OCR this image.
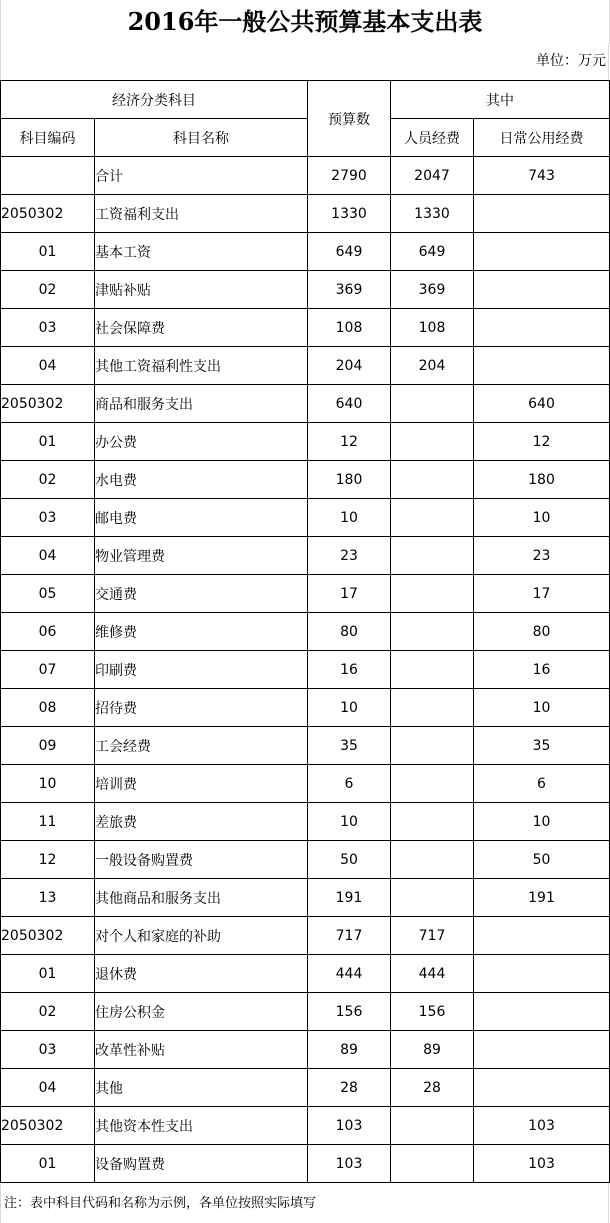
2016年一般公共预算基本支出表
单位：万元
经济分类科目		预算数	其中	
科目编码	科目名称		人员经费	日常公用经费
	合计	2790	2047	743
2050302	工资福利支出	1330	1330	
01	基本工资	649	649	
02	津贴补贴	369	369	
03	社会保障费	108	108	
04	其他工资福利性支出	204	204	
2050302	商品和服务支出	640		640
01	办公费	12		12
02	水电费	180		180
03	邮电费	10		10
04	物业管理费	23		23
05	交通费	17		17
06	维修费	80		80
07	印刷费	16		16
08	招待费	10		10
09	工会经费	35		35
10	培训费	6		6
11	差旅费	10		10
12	一般设备购置费	50		50
13	其他商品和服务支出	191		191
2050302	对个人和家庭的补助	717	717	
01	退休费	444	444	
02	住房公积金	156	156	
03	改革性补贴	89	89	
04	其他	28	28	
2050302	其他资本性支出	103		103
01	设备购置费	103		103
注：表中科目代码和名称为示例，各单位按照实际填写
